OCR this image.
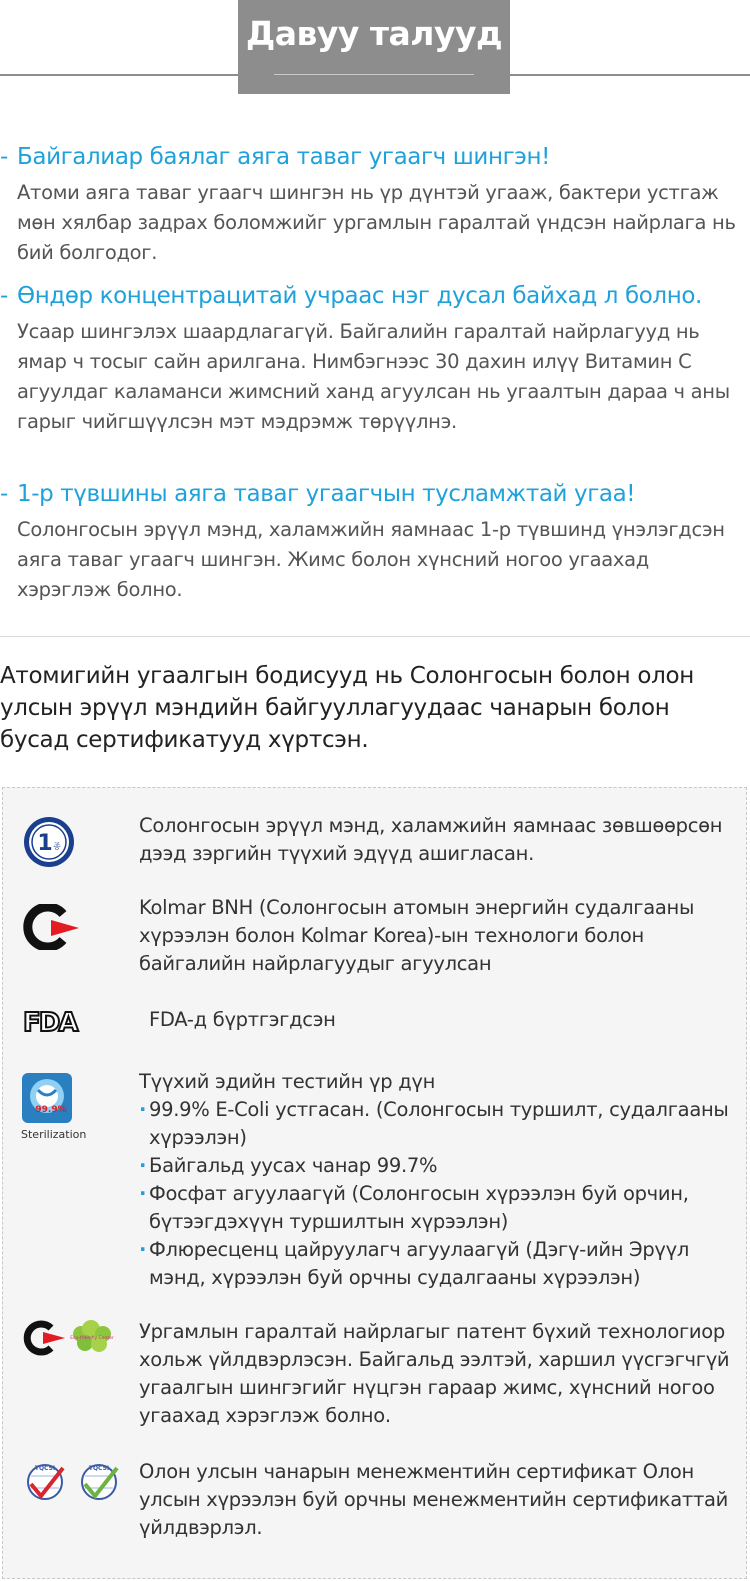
Давуу талууд
- Байгалиар баялаг аяга таваг угаагч шингэн!
Атоми аяга таваг угаагч шингэн нь үр дүнтэй угааж, бактери устгаж мөн хялбар задрах боломжийг ургамлын гаралтай үндсэн найрлага нь бий болгодог.
- Өндөр концентрацитай учраас нэг дусал байхад л болно.
Усаар шингэлэх шаардлагагүй. Байгалийн гаралтай найрлагууд нь ямар ч тосыг сайн арилгана. Нимбэгнээс 30 дахин илүү Витамин C агуулдаг каламанси жимсний ханд агуулсан нь угаалтын дараа ч аны гарыг чийгшүүлсэн мэт мэдрэмж төрүүлнэ.
- 1-р түвшины аяга таваг угаагчын тусламжтай угаа!
Солонгосын эрүүл мэнд, халамжийн яамнаас 1-р түвшинд үнэлэгдсэн аяга таваг угаагч шингэн. Жимс болон хүнсний ногоо угаахад хэрэглэж болно.
Атомигийн угаалгын бодисууд нь Солонгосын болон олон улсын эрүүл мэндийн байгууллагуудаас чанарын болон бусад сертификатууд хүртсэн.
1 종
Солонгосын эрүүл мэнд, халамжийн яамнаас зөвшөөрсөн дээд зэргийн түүхий эдүүд ашигласан.
Kolmar BNH (Солонгосын атомын энергийн судалгааны хүрээлэн болон Kolmar Korea)-ын технологи болон байгалийн найрлагуудыг агуулсан
FDA	FDA-д бүртгэгдсэн
99.9%
Sterilization
Түүхий эдийн тестийн үр дүн
· 99.9% E-Coli устгасан. (Солонгосын туршилт, судалгааны хүрээлэн)
· Байгальд уусах чанар 99.7%
· Фосфат агуулаагүй (Солонгосын хүрээлэн буй орчин, бүтээгдэхүүн туршилтын хүрээлэн)
· Флюресценц цайруулагч агуулаагүй (Дэгү-ийн Эрүүл мэнд, хүрээлэн буй орчны судалгааны хүрээлэн)
Eco-friendly Center Ургамлын гаралтай найрлагыг патент бүхий технологиор хольж үйлдвэрлэсэн. Байгальд ээлтэй, харшил үүсгэгчгүй угаалгын шингэгийг нүцгэн гараар жимс, хүнсний ногоо угаахад хэрэглэж болно.
TQCSI	TQCSI Олон улсын чанарын менежментийн сертификат Олон улсын хүрээлэн буй орчны менежментийн сертификаттай үйлдвэрлэл.
